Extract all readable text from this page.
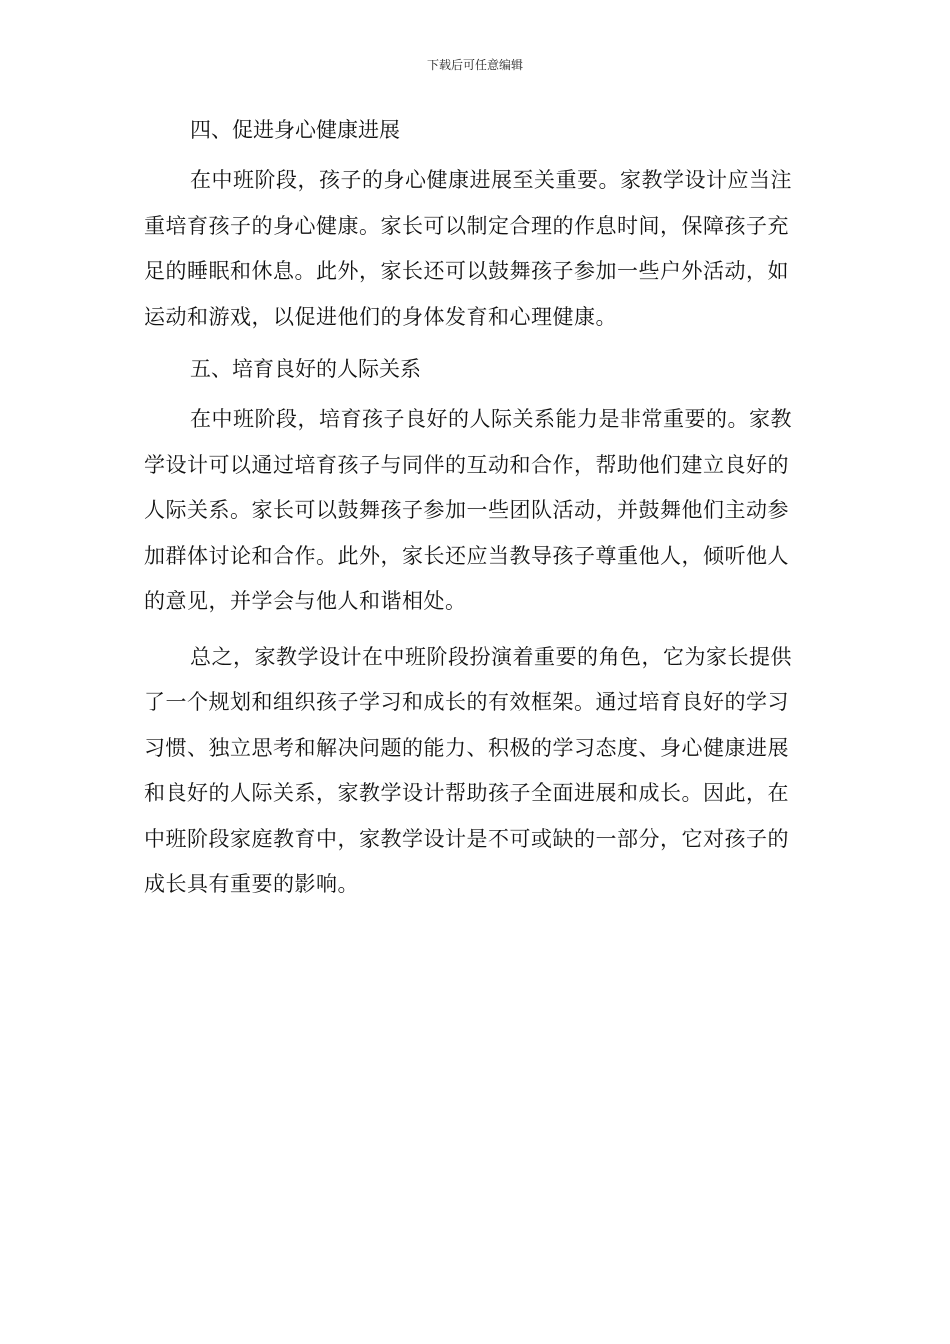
下载后可任意编辑
四、促进身心健康进展
在中班阶段，孩子的身心健康进展至关重要。家教学设计应当注重培育孩子的身心健康。家长可以制定合理的作息时间，保障孩子充足的睡眠和休息。此外，家长还可以鼓舞孩子参加一些户外活动，如运动和游戏，以促进他们的身体发育和心理健康。
五、培育良好的人际关系
在中班阶段，培育孩子良好的人际关系能力是非常重要的。家教学设计可以通过培育孩子与同伴的互动和合作，帮助他们建立良好的人际关系。家长可以鼓舞孩子参加一些团队活动，并鼓舞他们主动参加群体讨论和合作。此外，家长还应当教导孩子尊重他人，倾听他人的意见，并学会与他人和谐相处。
总之，家教学设计在中班阶段扮演着重要的角色，它为家长提供了一个规划和组织孩子学习和成长的有效框架。通过培育良好的学习习惯、独立思考和解决问题的能力、积极的学习态度、身心健康进展和良好的人际关系，家教学设计帮助孩子全面进展和成长。因此，在中班阶段家庭教育中，家教学设计是不可或缺的一部分，它对孩子的成长具有重要的影响。
